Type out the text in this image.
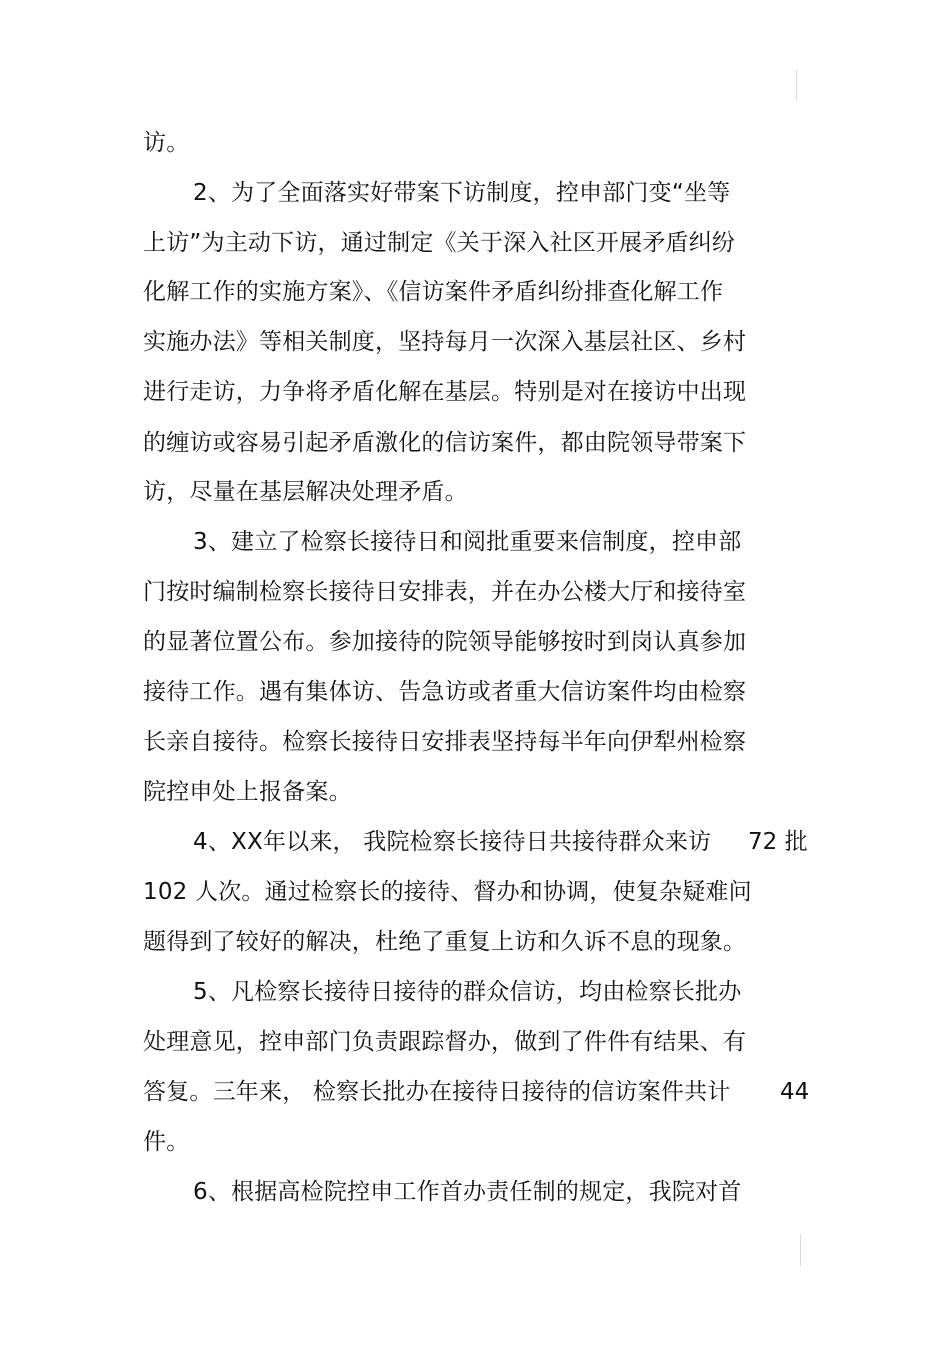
访。
2、为了全面落实好带案下访制度，控申部门变“坐等
上访”为主动下访，通过制定《关于深入社区开展矛盾纠纷
化解工作的实施方案》、《信访案件矛盾纠纷排查化解工作
实施办法》等相关制度，坚持每月一次深入基层社区、乡村
进行走访，力争将矛盾化解在基层。特别是对在接访中出现
的缠访或容易引起矛盾激化的信访案件，都由院领导带案下
访，尽量在基层解决处理矛盾。
3、建立了检察长接待日和阅批重要来信制度，控申部
门按时编制检察长接待日安排表，并在办公楼大厅和接待室
的显著位置公布。参加接待的院领导能够按时到岗认真参加
接待工作。遇有集体访、告急访或者重大信访案件均由检察
长亲自接待。检察长接待日安排表坚持每半年向伊犁州检察
院控申处上报备案。
4、XX年以来， 我院检察长接待日共接待群众来访	72 批
102 人次。通过检察长的接待、督办和协调，使复杂疑难问
题得到了较好的解决，杜绝了重复上访和久诉不息的现象。
5、凡检察长接待日接待的群众信访，均由检察长批办
处理意见，控申部门负责跟踪督办，做到了件件有结果、有
答复。三年来， 检察长批办在接待日接待的信访案件共计	44
件。
6、根据高检院控申工作首办责任制的规定，我院对首
